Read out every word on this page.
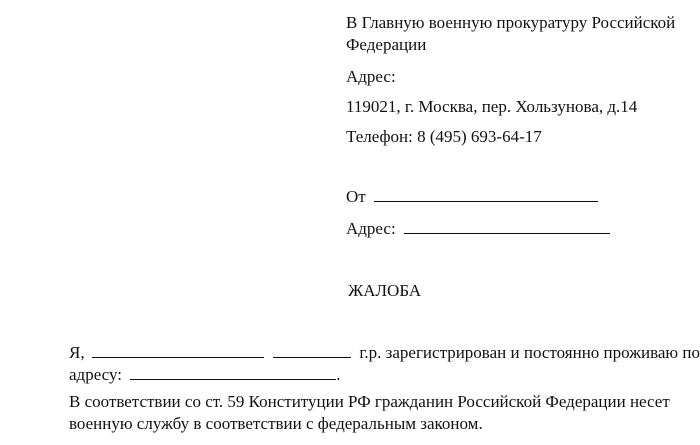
В Главную военную прокуратуру Российской
Федерации
Адрес:
119021, г. Москва, пер. Хользунова, д.14
Телефон: 8 (495) 693-64-17
От
Адрес:
ЖАЛОБА
Я,	г.р. зарегистрирован и постоянно проживаю по
адресу:	.
В соответствии со ст. 59 Конституции РФ гражданин Российской Федерации несет
военную службу в соответствии с федеральным законом.
